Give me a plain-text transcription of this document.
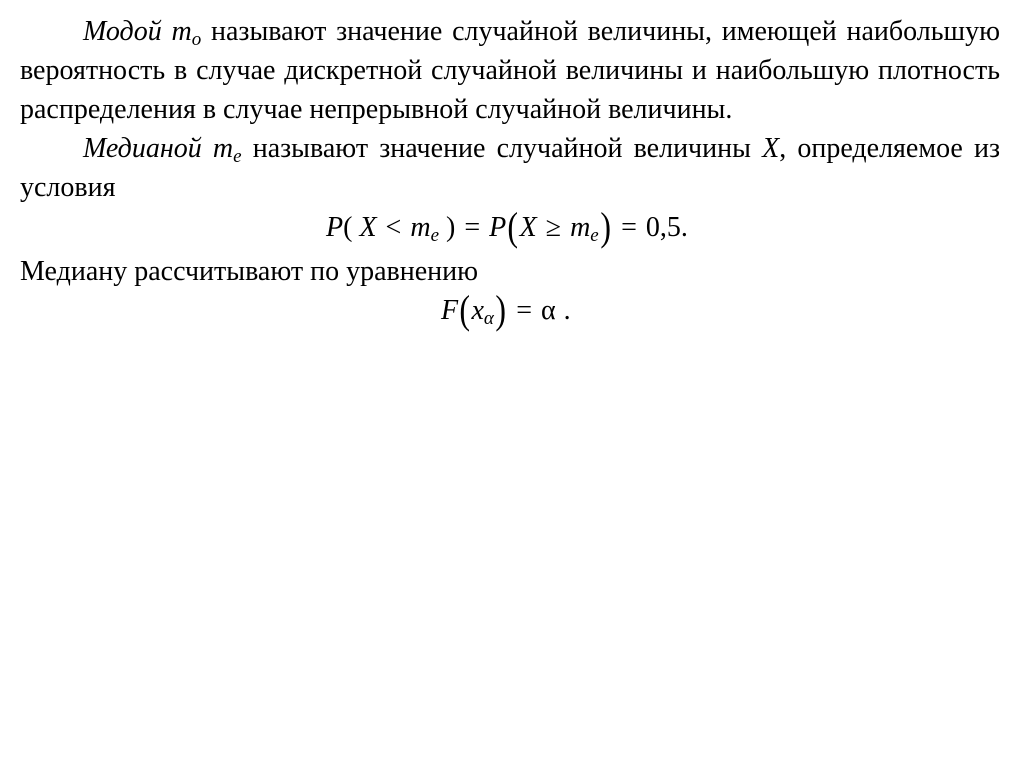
Модой $m_o$ называют значение случайной величины, имеющей наибольшую вероятность в случае дискретной случайной величины и наибольшую плотность распределения в случае непрерывной случайной величины.

Медианой $m_e$ называют значение случайной величины X, определяемое из условия

P( $X < m_e$ ) = $P(X \ge m_e) = 0,5$.

Медиану рассчитывают по уравнению

$F(x_\alpha) = \alpha$ .
